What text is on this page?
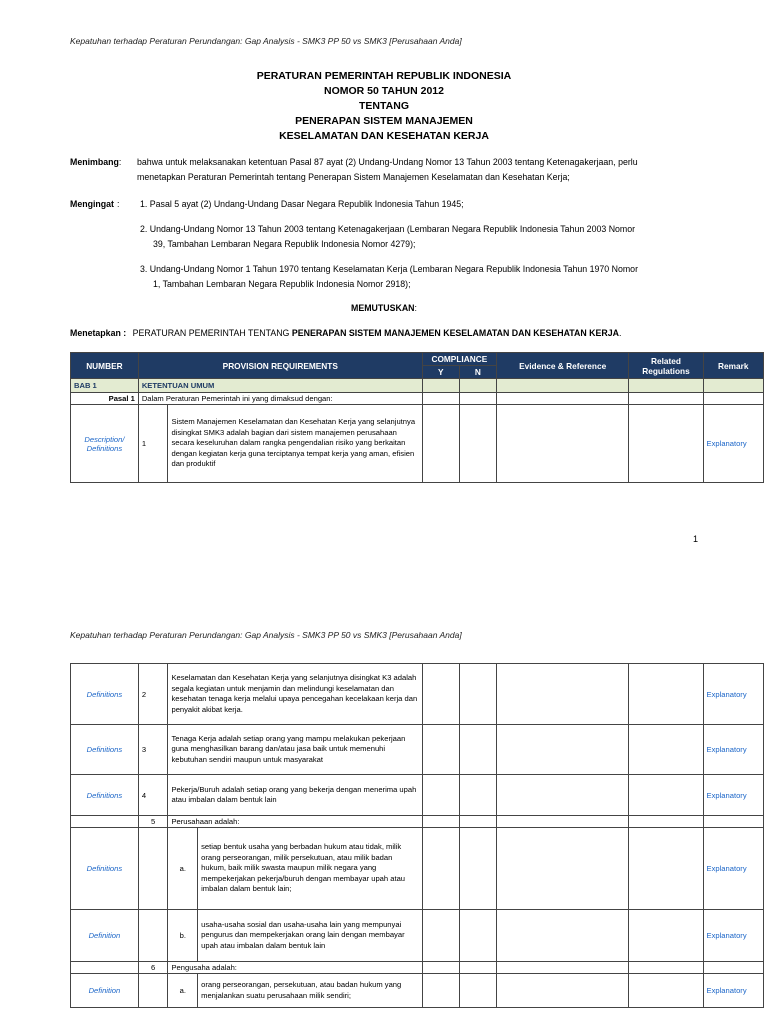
Kepatuhan terhadap Peraturan Perundangan: Gap Analysis - SMK3 PP 50 vs SMK3 [Perusahaan Anda]
PERATURAN PEMERINTAH REPUBLIK INDONESIA
NOMOR 50 TAHUN 2012
TENTANG
PENERAPAN SISTEM MANAJEMEN
KESELAMATAN DAN KESEHATAN KERJA
Menimbang: bahwa untuk melaksanakan ketentuan Pasal 87 ayat (2) Undang-Undang Nomor 13 Tahun 2003 tentang Ketenagakerjaan, perlu
menetapkan Peraturan Pemerintah tentang Penerapan Sistem Manajemen Keselamatan dan Kesehatan Kerja;
Mengingat : 1. Pasal 5 ayat (2) Undang-Undang Dasar Negara Republik Indonesia Tahun 1945;
2. Undang-Undang Nomor 13 Tahun 2003 tentang Ketenagakerjaan (Lembaran Negara Republik Indonesia Tahun 2003 Nomor
39, Tambahan Lembaran Negara Republik Indonesia Nomor 4279);
3. Undang-Undang Nomor 1 Tahun 1970 tentang Keselamatan Kerja (Lembaran Negara Republik Indonesia Tahun 1970 Nomor
1, Tambahan Lembaran Negara Republik Indonesia Nomor 2918);
MEMUTUSKAN:
Menetapkan : PERATURAN PEMERINTAH TENTANG PENERAPAN SISTEM MANAJEMEN KESELAMATAN DAN KESEHATAN KERJA.
NUMBER	PROVISION REQUIREMENTS		COMPLIANCE		Evidence & Reference	Related Regulations	Remark
			Y	N			
BAB 1	KETENTUAN UMUM						
Pasal 1	Dalam Peraturan Pemerintah ini yang dimaksud dengan:						
Description/ Definitions	1	Sistem Manajemen Keselamatan dan Kesehatan Kerja yang selanjutnya disingkat SMK3 adalah bagian dari sistem manajemen perusahaan secara keseluruhan dalam rangka pengendalian risiko yang berkaitan dengan kegiatan kerja guna terciptanya tempat kerja yang aman, efisien dan produktif					Explanatory
1
Kepatuhan terhadap Peraturan Perundangan: Gap Analysis - SMK3 PP 50 vs SMK3 [Perusahaan Anda]
Definitions	2	Keselamatan dan Kesehatan Kerja yang selanjutnya disingkat K3 adalah segala kegiatan untuk menjamin dan melindungi keselamatan dan kesehatan tenaga kerja melalui upaya pencegahan kecelakaan kerja dan penyakit akibat kerja.						Explanatory
Definitions	3	Tenaga Kerja adalah setiap orang yang mampu melakukan pekerjaan guna menghasilkan barang dan/atau jasa baik untuk memenuhi kebutuhan sendiri maupun untuk masyarakat						Explanatory
Definitions	4	Pekerja/Buruh adalah setiap orang yang bekerja dengan menerima upah atau imbalan dalam bentuk lain						Explanatory
	5	Perusahaan adalah:						
Definitions		a.	setiap bentuk usaha yang berbadan hukum atau tidak, milik orang perseorangan, milik persekutuan, atau milik badan hukum, baik milik swasta maupun milik negara yang mempekerjakan pekerja/buruh dengan membayar upah atau imbalan dalam bentuk lain;					Explanatory
Definition		b.	usaha-usaha sosial dan usaha-usaha lain yang mempunyai pengurus dan mempekerjakan orang lain dengan membayar upah atau imbalan dalam bentuk lain					Explanatory
	6	Pengusaha adalah:						
Definition		a.	orang perseorangan, persekutuan, atau badan hukum yang menjalankan suatu perusahaan milik sendiri;					Explanatory
